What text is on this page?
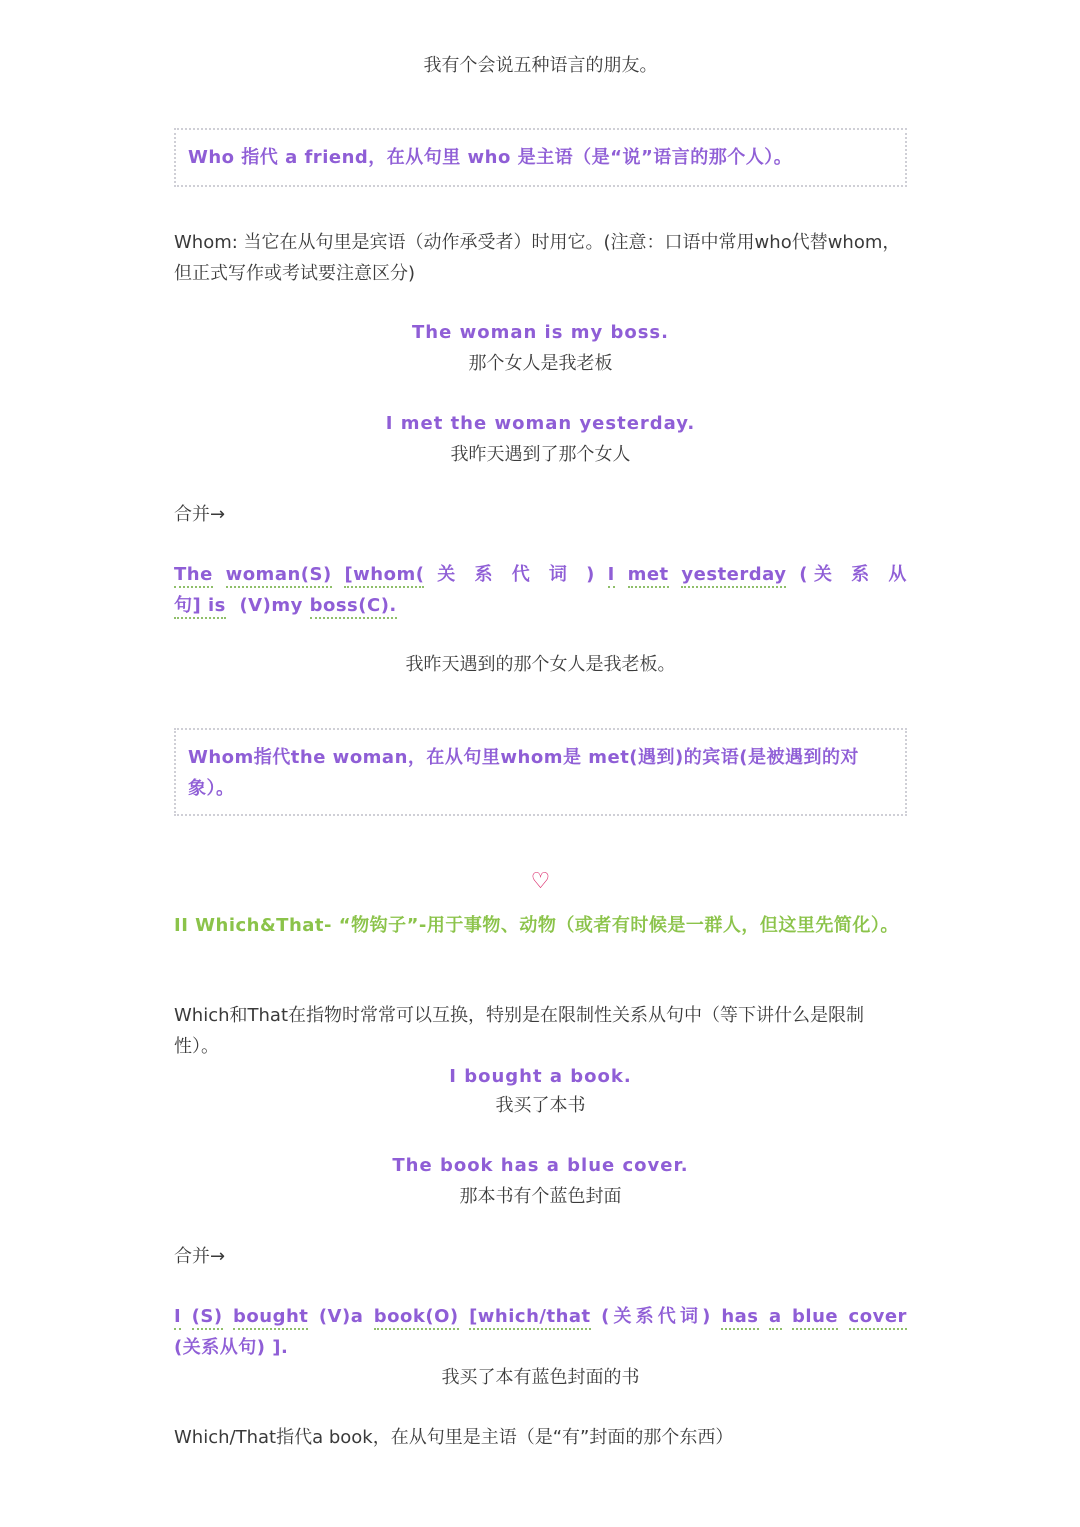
我有个会说五种语言的朋友。
Who 指代 a friend，在从句里 who 是主语（是“说”语言的那个人）。
Whom: 当它在从句里是宾语（动作承受者）时用它。(注意：口语中常用who代替whom，但正式写作或考试要注意区分)
The woman is my boss.
那个女人是我老板
I met the woman yesterday.
我昨天遇到了那个女人
合并→
The woman(S) [whom( 关 系 代 词 ) I met yesterday (关 系 从
句] is (V)my boss(C).
我昨天遇到的那个女人是我老板。
Whom指代the woman，在从句里whom是 met(遇到)的宾语(是被遇到的对象）。
♡
II Which&That- “物钩子”-用于事物、动物（或者有时候是一群人，但这里先简化）。
Which和That在指物时常常可以互换，特别是在限制性关系从句中（等下讲什么是限制性）。
I bought a book.
我买了本书
The book has a blue cover.
那本书有个蓝色封面
合并→
I (S) bought (V)a book(O) [which/that (关系代词) has a blue cover
(关系从句) ].
我买了本有蓝色封面的书
Which/That指代a book，在从句里是主语（是“有”封面的那个东西）
